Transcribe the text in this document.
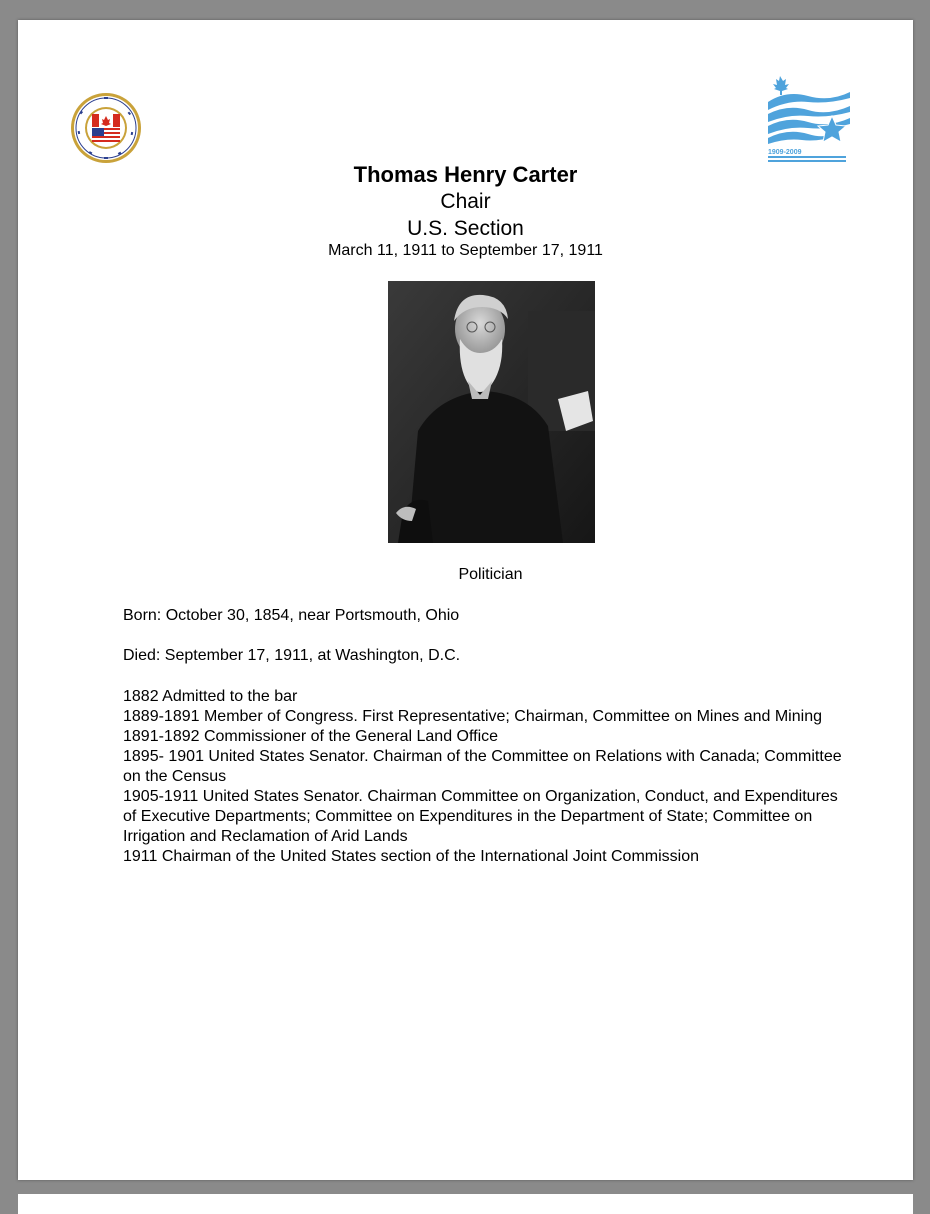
1909-2009
Thomas Henry Carter
Chair
U.S. Section
March 11, 1911 to September 17, 1911
Politician
Born: October 30, 1854, near Portsmouth, Ohio
Died: September 17, 1911, at Washington, D.C.
1882 Admitted to the bar
1889-1891 Member of Congress. First Representative; Chairman, Committee on Mines and Mining 1891-1892 Commissioner of the General Land Office
1895- 1901 United States Senator. Chairman of the Committee on Relations with Canada; Committee on the Census
1905-1911 United States Senator. Chairman Committee on Organization, Conduct, and Expenditures of Executive Departments; Committee on Expenditures in the Department of State; Committee on Irrigation and Reclamation of Arid Lands
1911 Chairman of the United States section of the International Joint Commission
